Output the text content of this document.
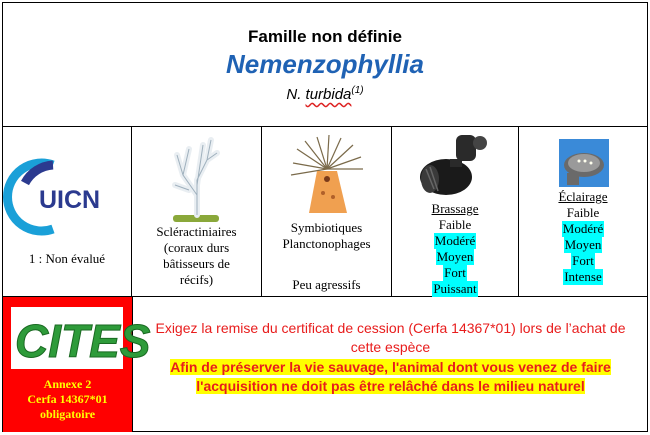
Famille non définie
Nemenzophyllia
N. turbida$^{(1)}$
UICN
1 : Non évalué
Scléractiniaires
(coraux durs
bâtisseurs de
récifs)
Symbiotiques
Planctonophages
Peu agressifs
Brassage
Faible
Modéré
Moyen
Fort
Puissant
Éclairage
Faible
Modéré
Moyen
Fort
Intense
CITES
Annexe 2
Cerfa 14367*01
obligatoire
Exigez la remise du certificat de cession (Cerfa 14367*01) lors de l’achat de cette espèce
Afin de préserver la vie sauvage, l'animal dont vous venez de faire
l'acquisition ne doit pas être relâché dans le milieu naturel
